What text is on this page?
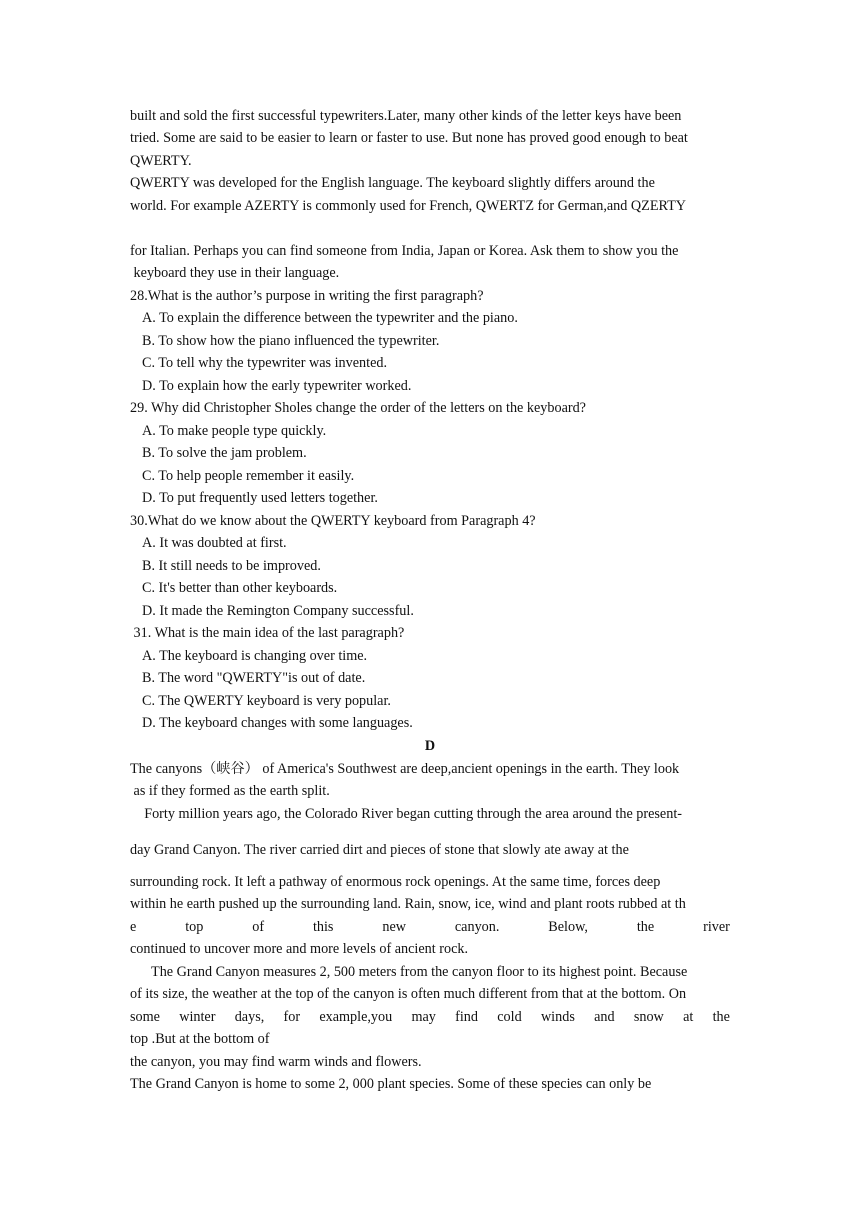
built and sold the first successful typewriters.Later, many other kinds of the letter keys have been
tried. Some are said to be easier to learn or faster to use. But none has proved good enough to beat
QWERTY.
QWERTY was developed for the English language. The keyboard slightly differs around the
world. For example AZERTY is commonly used for French, QWERTZ for German,and QZERTY
for Italian. Perhaps you can find someone from India, Japan or Korea. Ask them to show you the
keyboard they use in their language.
28.What is the author’s purpose in writing the first paragraph?
A. To explain the difference between the typewriter and the piano.
B. To show how the piano influenced the typewriter.
C. To tell why the typewriter was invented.
D. To explain how the early typewriter worked.
29. Why did Christopher Sholes change the order of the letters on the keyboard?
A. To make people type quickly.
B. To solve the jam problem.
C. To help people remember it easily.
D. To put frequently used letters together.
30.What do we know about the QWERTY keyboard from Paragraph 4?
A. It was doubted at first.
B. It still needs to be improved.
C. It's better than other keyboards.
D. It made the Remington Company successful.
31. What is the main idea of the last paragraph?
A. The keyboard is changing over time.
B. The word "QWERTY"is out of date.
C. The QWERTY keyboard is very popular.
D. The keyboard changes with some languages.
D
The canyons（峡谷） of America's Southwest are deep,ancient openings in the earth. They look
as if they formed as the earth split.
Forty million years ago, the Colorado River began cutting through the area around the present-
day Grand Canyon. The river carried dirt and pieces of stone that slowly ate away at the
surrounding rock. It left a pathway of enormous rock openings. At the same time, forces deep
within he earth pushed up the surrounding land. Rain, snow, ice, wind and plant roots rubbed at th
e	top	of	this	new	canyon.	Below,	the	river
continued to uncover more and more levels of ancient rock.
The Grand Canyon measures 2, 500 meters from the canyon floor to its highest point. Because
of its size, the weather at the top of the canyon is often much different from that at the bottom. On
some winter days, for example,you may find cold winds and snow at the
top .But at the bottom of
the canyon, you may find warm winds and flowers.
The Grand Canyon is home to some 2, 000 plant species. Some of these species can only be
